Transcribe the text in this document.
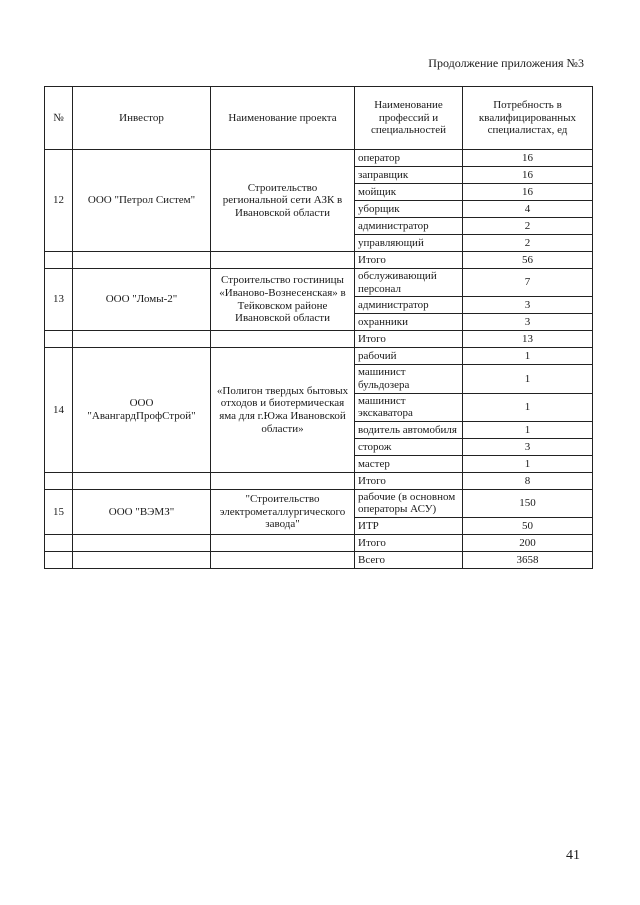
Продолжение приложения №3
№	Инвестор	Наименование проекта	Наименование профессий и специальностей	Потребность в квалифицированных специалистах, ед
12	ООО "Петрол Систем"	Строительство региональной сети АЗК в Ивановской области	оператор	16
			заправщик	16
			мойщик	16
			уборщик	4
			администратор	2
			управляющий	2
			Итого	56
13	ООО "Ломы-2"	Строительство гостиницы «Иваново-Вознесенская» в Тейковском районе Ивановской области	обслуживающий персонал	7
			администратор	3
			охранники	3
			Итого	13
14	ООО "АвангардПрофСтрой"	«Полигон твердых бытовых отходов и биотермическая яма для г.Южа Ивановской области»	рабочий	1
			машинист бульдозера	1
			машинист экскаватора	1
			водитель автомобиля	1
			сторож	3
			мастер	1
			Итого	8
15	ООО "ВЭМЗ"	"Строительство электрометаллургического завода"	рабочие (в основном операторы АСУ)	150
			ИТР	50
			Итого	200
			Всего	3658
41
